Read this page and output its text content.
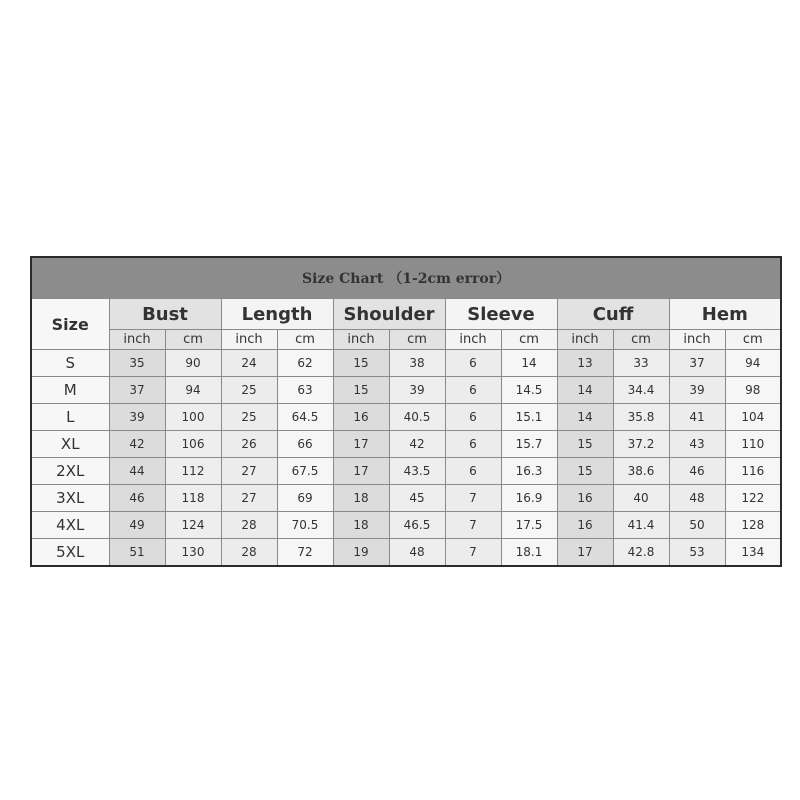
Size Chart （1-2cm error）												
Size	Bust		Length		Shoulder		Sleeve		Cuff		Hem	
	inch	cm	inch	cm	inch	cm	inch	cm	inch	cm	inch	cm
S	35	90	24	62	15	38	6	14	13	33	37	94
M	37	94	25	63	15	39	6	14.5	14	34.4	39	98
L	39	100	25	64.5	16	40.5	6	15.1	14	35.8	41	104
XL	42	106	26	66	17	42	6	15.7	15	37.2	43	110
2XL	44	112	27	67.5	17	43.5	6	16.3	15	38.6	46	116
3XL	46	118	27	69	18	45	7	16.9	16	40	48	122
4XL	49	124	28	70.5	18	46.5	7	17.5	16	41.4	50	128
5XL	51	130	28	72	19	48	7	18.1	17	42.8	53	134
